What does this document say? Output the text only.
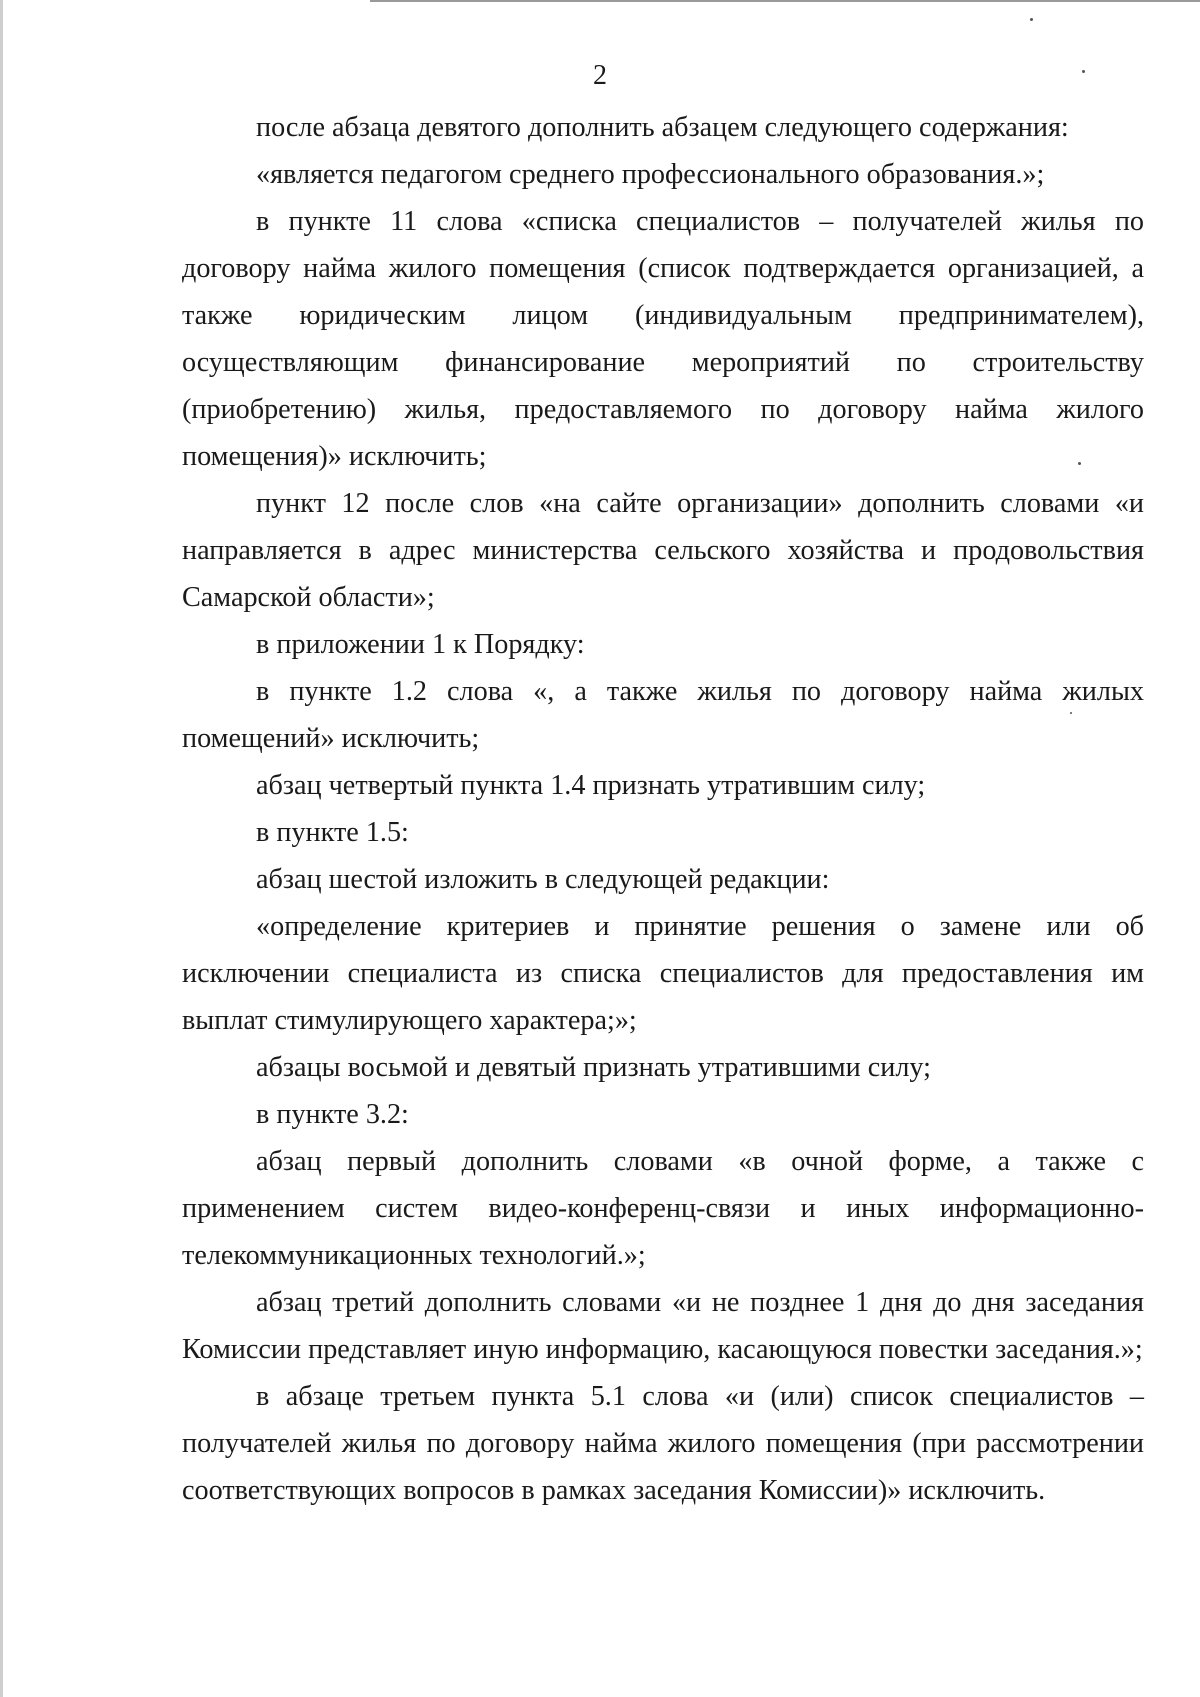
2

после абзаца девятого дополнить абзацем следующего содержания:

«является педагогом среднего профессионального образования.»;

в пункте 11 слова «списка специалистов – получателей жилья по договору найма жилого помещения (список подтверждается организацией, а также юридическим лицом (индивидуальным предпринимателем), осуществляющим финансирование мероприятий по строительству (приобретению) жилья, предоставляемого по договору найма жилого помещения)» исключить;

пункт 12 после слов «на сайте организации» дополнить словами «и направляется в адрес министерства сельского хозяйства и продовольствия Самарской области»;

в приложении 1 к Порядку:

в пункте 1.2 слова «, а также жилья по договору найма жилых помещений» исключить;

абзац четвертый пункта 1.4 признать утратившим силу;

в пункте 1.5:

абзац шестой изложить в следующей редакции:

«определение критериев и принятие решения о замене или об исключении специалиста из списка специалистов для предоставления им выплат стимулирующего характера;»;

абзацы восьмой и девятый признать утратившими силу;

в пункте 3.2:

абзац первый дополнить словами «в очной форме, а также с применением систем видео-конференц-связи и иных информационно-телекоммуникационных технологий.»;

абзац третий дополнить словами «и не позднее 1 дня до дня заседания Комиссии представляет иную информацию, касающуюся повестки заседания.»;

в абзаце третьем пункта 5.1 слова «и (или) список специалистов – получателей жилья по договору найма жилого помещения (при рассмотрении соответствующих вопросов в рамках заседания Комиссии)» исключить.
